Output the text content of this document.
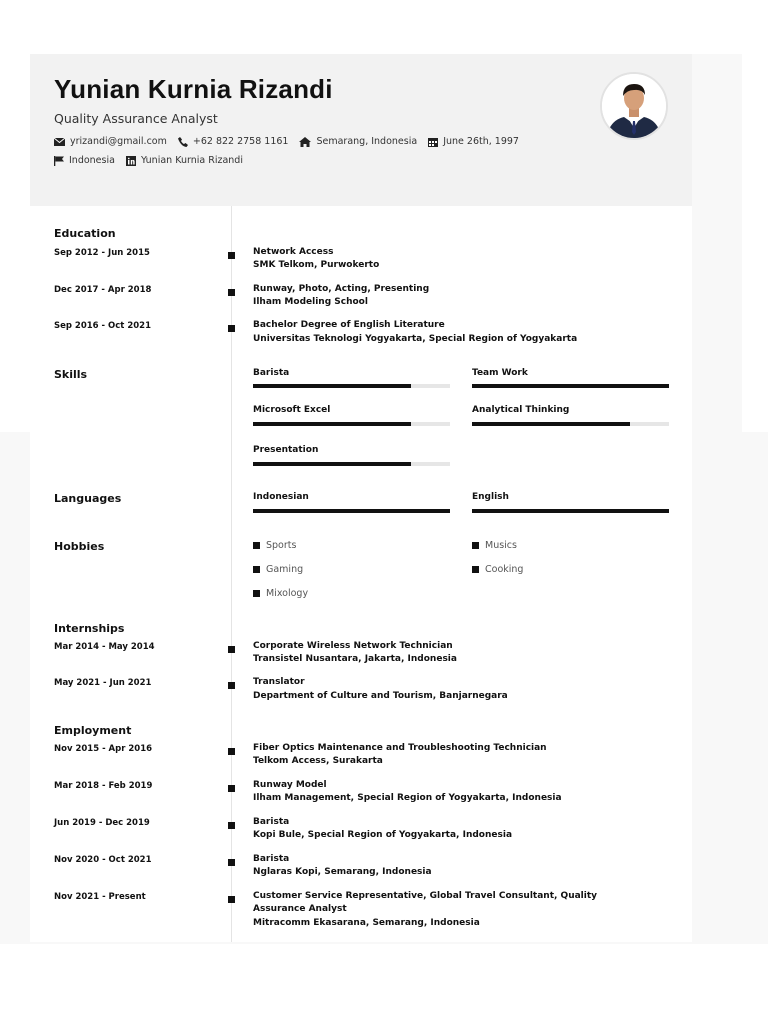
Yunian Kurnia Rizandi
Quality Assurance Analyst
yrizandi@gmail.com	+62 822 2758 1161	Semarang, Indonesia	June 26th, 1997
Indonesia	Yunian Kurnia Rizandi
Education
Sep 2012 - Jun 2015	Network Access
SMK Telkom, Purwokerto
Dec 2017 - Apr 2018	Runway, Photo, Acting, Presenting
Ilham Modeling School
Sep 2016 - Oct 2021	Bachelor Degree of English Literature
Universitas Teknologi Yogyakarta, Special Region of Yogyakarta
Skills	Barista	Team Work
Microsoft Excel	Analytical Thinking
Presentation
Languages	Indonesian	English
Hobbies	Sports	Musics
Gaming	Cooking
Mixology
Internships
Mar 2014 - May 2014	Corporate Wireless Network Technician
Transistel Nusantara, Jakarta, Indonesia
May 2021 - Jun 2021	Translator
Department of Culture and Tourism, Banjarnegara
Employment
Nov 2015 - Apr 2016	Fiber Optics Maintenance and Troubleshooting Technician
Telkom Access, Surakarta
Mar 2018 - Feb 2019	Runway Model
Ilham Management, Special Region of Yogyakarta, Indonesia
Jun 2019 - Dec 2019	Barista
Kopi Bule, Special Region of Yogyakarta, Indonesia
Nov 2020 - Oct 2021	Barista
Nglaras Kopi, Semarang, Indonesia
Nov 2021 - Present	Customer Service Representative, Global Travel Consultant, Quality
Assurance Analyst
Mitracomm Ekasarana, Semarang, Indonesia
